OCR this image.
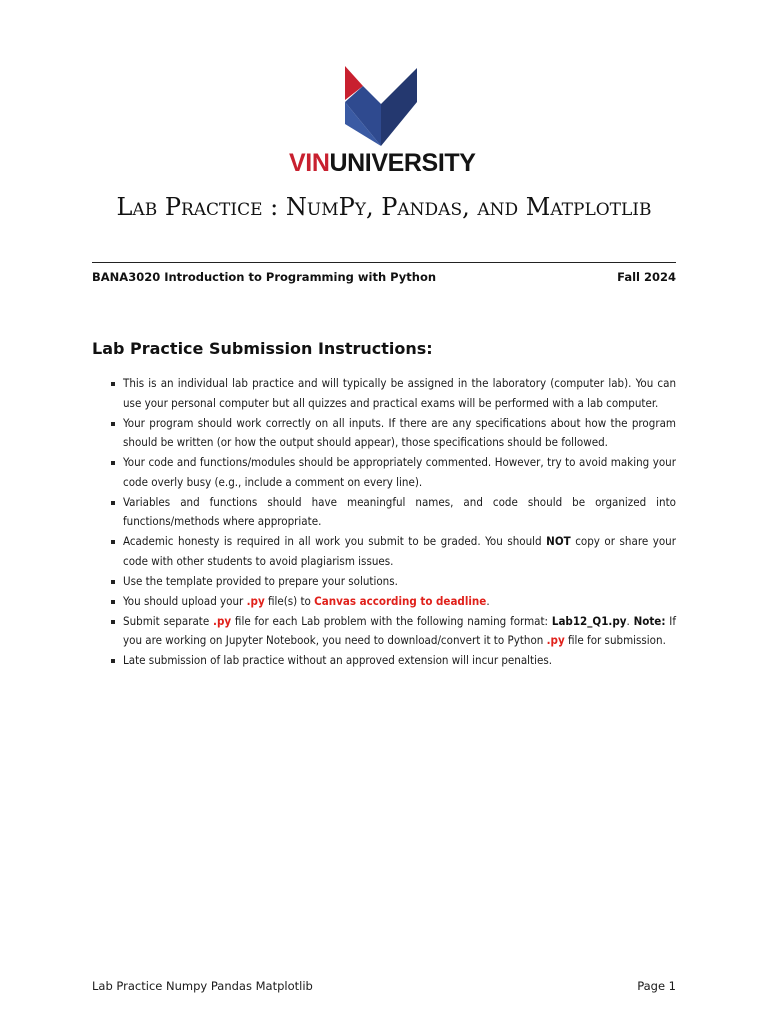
VINUNIVERSITY
Lab Practice : NumPy, Pandas, and Matplotlib
BANA3020 Introduction to Programming with Python	Fall 2024
Lab Practice Submission Instructions:
This is an individual lab practice and will typically be assigned in the laboratory (computer lab). You can use your personal computer but all quizzes and practical exams will be performed with a lab computer.
Your program should work correctly on all inputs. If there are any specifications about how the program should be written (or how the output should appear), those specifications should be followed.
Your code and functions/modules should be appropriately commented. However, try to avoid making your code overly busy (e.g., include a comment on every line).
Variables and functions should have meaningful names, and code should be organized into functions/methods where appropriate.
Academic honesty is required in all work you submit to be graded. You should NOT copy or share your code with other students to avoid plagiarism issues.
Use the template provided to prepare your solutions.
You should upload your .py file(s) to Canvas according to deadline.
Submit separate .py file for each Lab problem with the following naming format: Lab12_Q1.py. Note: If you are working on Jupyter Notebook, you need to download/convert it to Python .py file for submission.
Late submission of lab practice without an approved extension will incur penalties.
Lab Practice Numpy Pandas Matplotlib	Page 1
